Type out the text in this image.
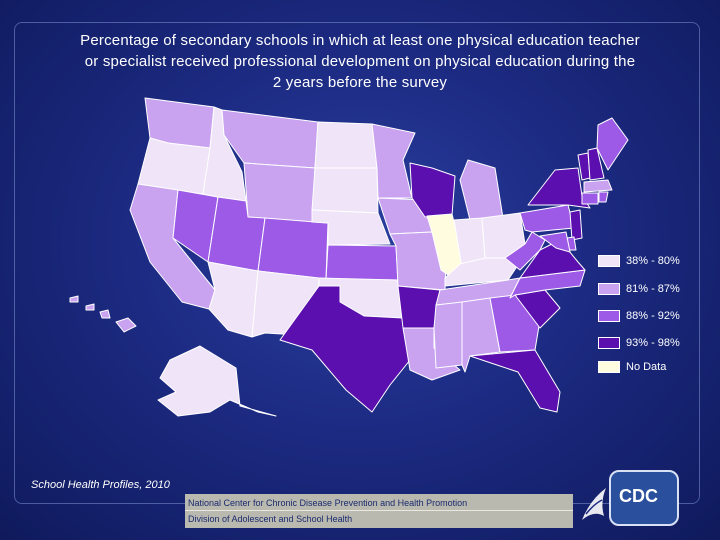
Percentage of secondary schools in which at least one physical education teacher
or specialist received professional development on physical education during the
2 years before the survey
38% - 80%
81% - 87%
88% - 92%
93% - 98%
No Data
School Health Profiles, 2010
National Center for Chronic Disease Prevention and Health Promotion
Division of Adolescent and School Health
CDC
